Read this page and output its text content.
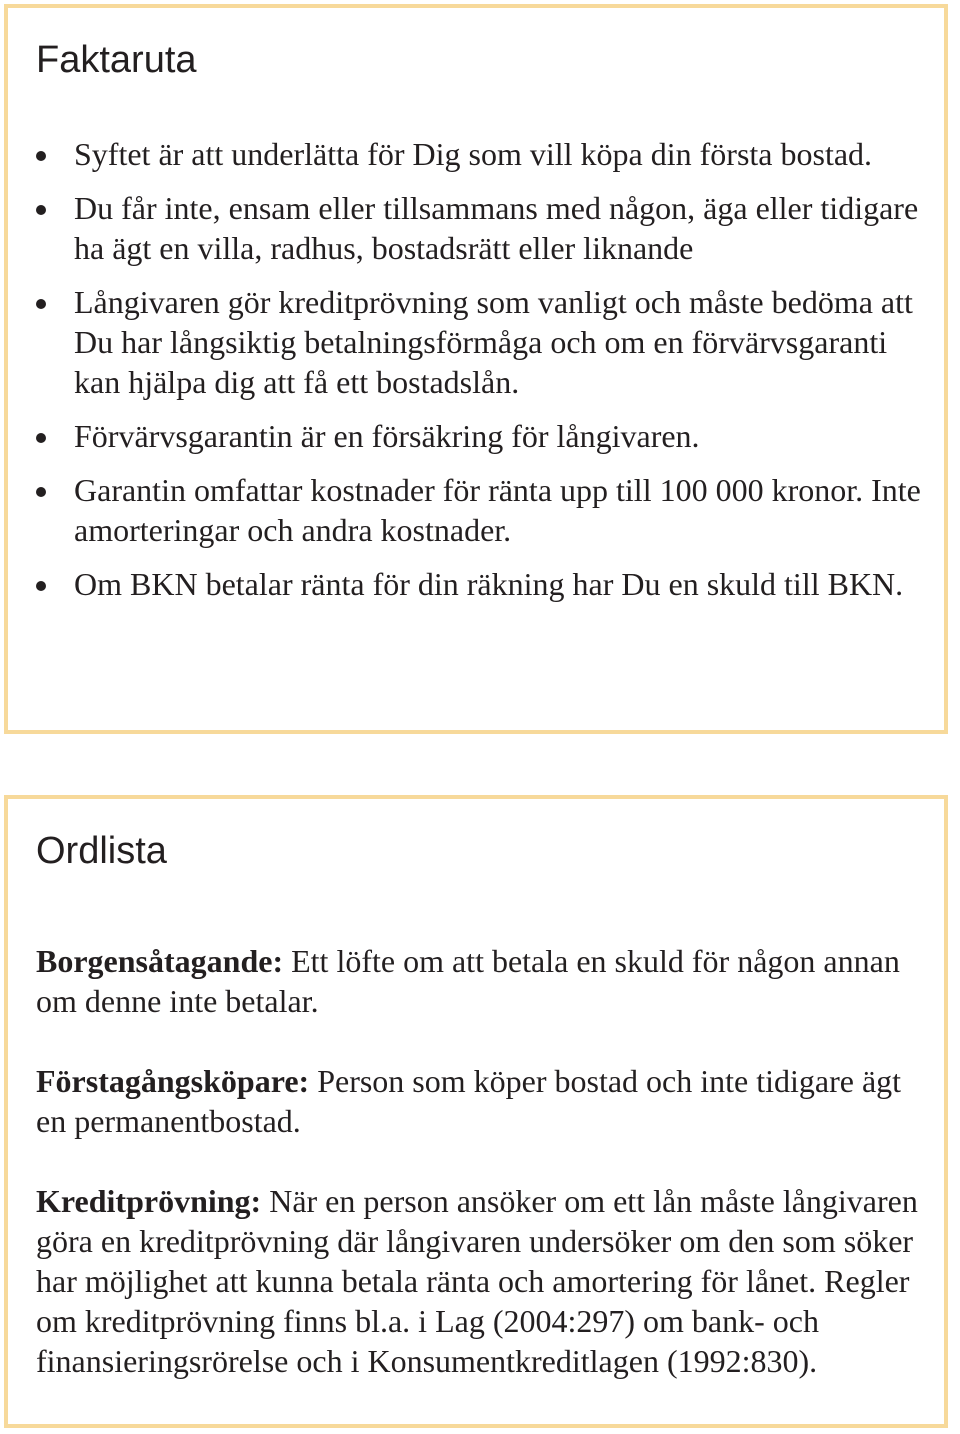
Faktaruta
Syftet är att underlätta för Dig som vill köpa din första bostad.
Du får inte, ensam eller tillsammans med någon, äga eller tidigare ha ägt en villa, radhus, bostadsrätt eller liknande
Långivaren gör kreditprövning som vanligt och måste bedöma att Du har långsiktig betalningsförmåga och om en förvärvsgaranti kan hjälpa dig att få ett bostadslån.
Förvärvsgarantin är en försäkring för långivaren.
Garantin omfattar kostnader för ränta upp till 100 000 kronor. Inte amorteringar och andra kostnader.
Om BKN betalar ränta för din räkning har Du en skuld till BKN.
Ordlista

Borgensåtagande: Ett löfte om att betala en skuld för någon annan om denne inte betalar.

Förstagångsköpare: Person som köper bostad och inte tidigare ägt en permanentbostad.

Kreditprövning: När en person ansöker om ett lån måste långivaren göra en kreditprövning där långivaren undersöker om den som söker har möjlighet att kunna betala ränta och amortering för lånet. Regler om kreditprövning finns bl.a. i Lag (2004:297) om bank- och finansieringsrörelse och i Konsumentkreditlagen (1992:830).
